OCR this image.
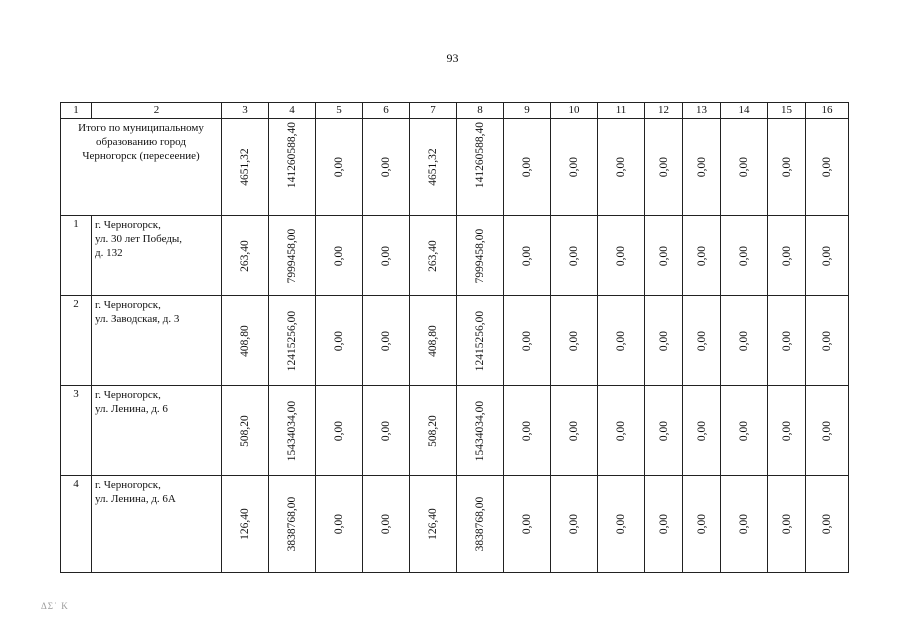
93
1	2	3	4	5	6	7	8	9	10	11	12	13	14	15	16

Итого по муниципальному
образованию город
Черногорск (пересеение)		4651,32	141260588,40	0,00	0,00	4651,32	141260588,40	0,00	0,00	0,00	0,00	0,00	0,00	0,00	0,00

1	г. Черногорск,
ул. 30 лет Победы,
д. 132	263,40	7999458,00	0,00	0,00	263,40	7999458,00	0,00	0,00	0,00	0,00	0,00	0,00	0,00	0,00

2	г. Черногорск,
ул. Заводская, д. 3	408,80	12415256,00	0,00	0,00	408,80	12415256,00	0,00	0,00	0,00	0,00	0,00	0,00	0,00	0,00

3	г. Черногорск,
ул. Ленина, д. 6	508,20	15434034,00	0,00	0,00	508,20	15434034,00	0,00	0,00	0,00	0,00	0,00	0,00	0,00	0,00

4	г. Черногорск,
ул. Ленина, д. 6А	126,40	3838768,00	0,00	0,00	126,40	3838768,00	0,00	0,00	0,00	0,00	0,00	0,00	0,00	0,00
ΔΣ˙ K
